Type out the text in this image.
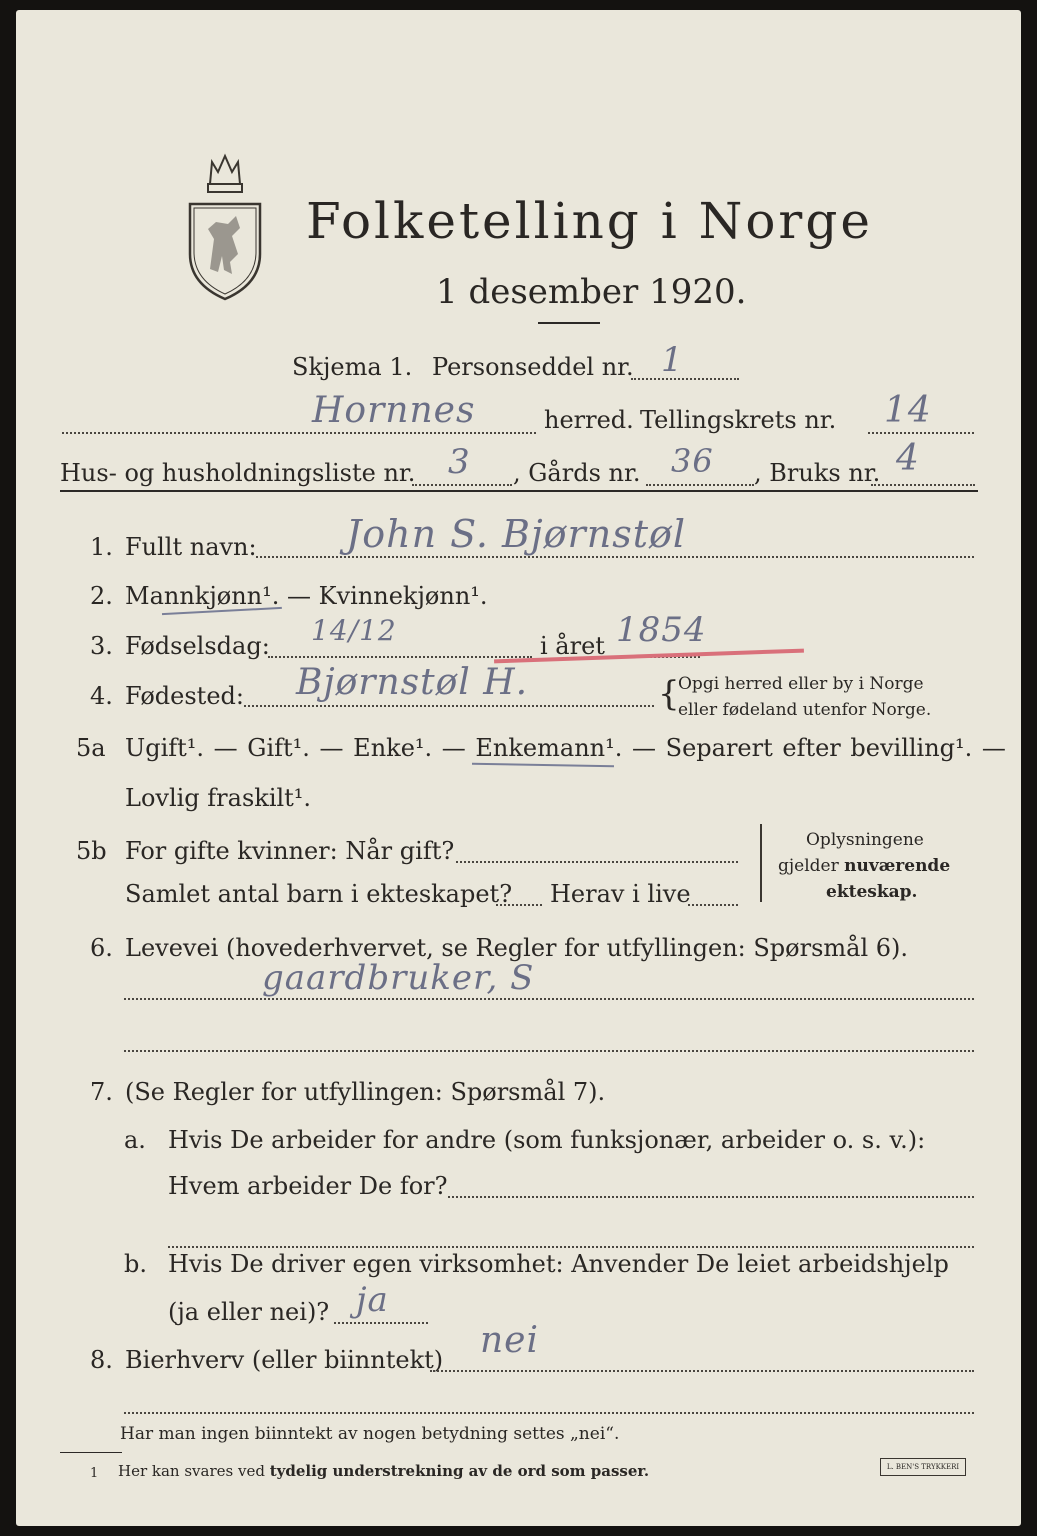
Folketelling i Norge
1 desember 1920.
Skjema 1. Personseddel nr. 1
Hornnes	herred. Tellingskrets nr. 14
Hus- og husholdningsliste nr. 3 , Gårds nr. 36 , Bruks nr. 4
1. Fullt navn: John S. Bjørnstøl
2. Mannkjønn¹. — Kvinnekjønn¹.
3. Fødselsdag: 14/12	i året 1854
4. Fødested: Bjørnstøl H.	{
Opgi herred eller by i Norge
eller fødeland utenfor Norge.
5a Ugift¹. — Gift¹. — Enke¹. — Enkemann¹. — Separert efter bevilling¹. —
Lovlig fraskilt¹.
5b For gifte kvinner: Når gift?
Samlet antal barn i ekteskapet? Herav i live
Oplysningene
gjelder nuværende
ekteskap.
6. Levevei (hovederhvervet, se Regler for utfyllingen: Spørsmål 6).
gaardbruker, S
7. (Se Regler for utfyllingen: Spørsmål 7).
a. Hvis De arbeider for andre (som funksjonær, arbeider o. s. v.):
Hvem arbeider De for?
b. Hvis De driver egen virksomhet: Anvender De leiet arbeidshjelp
(ja eller nei)? ja
8. Bierhverv (eller biinntekt) nei
Har man ingen biinntekt av nogen betydning settes „nei“.
1 Her kan svares ved tydelig understrekning av de ord som passer.	L. BEN'S TRYKKERI
